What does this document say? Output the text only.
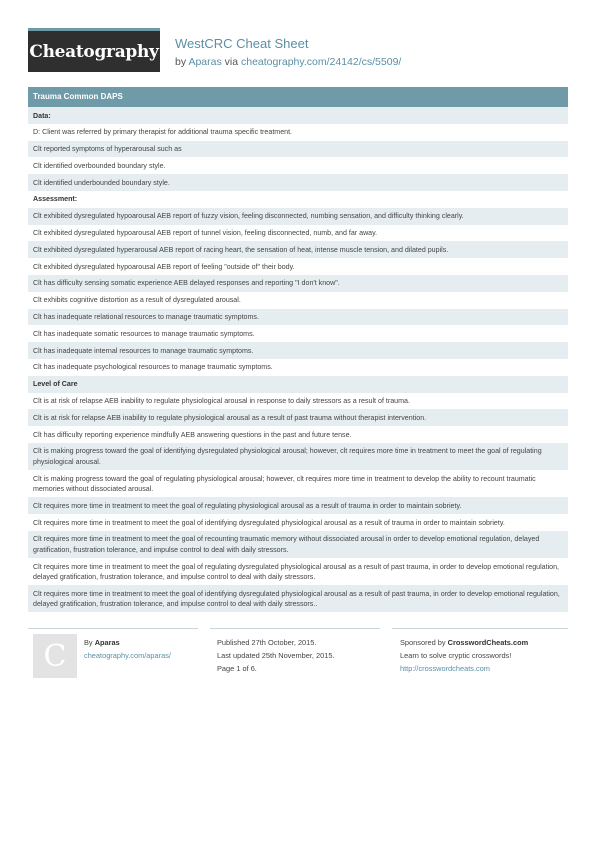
Cheatography WestCRC Cheat Sheet
by Aparas via cheatography.com/24142/cs/5509/
Trauma Common DAPS
Data:
D: Client was referred by primary therapist for additional trauma specific treatment.
Clt reported symptoms of hyperarousal such as
Clt identified overbounded boundary style.
Clt identified underbounded boundary style.
Assessment:
Clt exhibited dysregulated hypoarousal AEB report of fuzzy vision, feeling disconnected, numbing sensation, and difficulty thinking clearly.
Clt exhibited dysregulated hypoarousal AEB report of tunnel vision, feeling disconnected, numb, and far away.
Clt exhibited dysregulated hyperarousal AEB report of racing heart, the sensation of heat, intense muscle tension, and dilated pupils.
Clt exhibited dysregulated hypoarousal AEB report of feeling "outside of" their body.
Clt has difficulty sensing somatic experience AEB delayed responses and reporting "I don't know".
Clt exhibits cognitive distortion as a result of dysregulated arousal.
Clt has inadequate relational resources to manage traumatic symptoms.
Clt has inadequate somatic resources to manage traumatic symptoms.
Clt has inadequate internal resources to manage traumatic symptoms.
Clt has inadequate psychological resources to manage traumatic symptoms.
Level of Care
Clt is at risk of relapse AEB inability to regulate physiological arousal in response to daily stressors as a result of trauma.
Clt is at risk for relapse AEB inability to regulate physiological arousal as a result of past trauma without therapist intervention.
Clt has difficulty reporting experience mindfully AEB answering questions in the past and future tense.
Clt is making progress toward the goal of identifying dysregulated physiological arousal; however, clt requires more time in treatment to meet the goal of regulating physiological arousal.
Clt is making progress toward the goal of regulating physiological arousal; however, clt requires more time in treatment to develop the ability to recount traumatic memories without dissociated arousal.
Clt requires more time in treatment to meet the goal of regulating physiological arousal as a result of trauma in order to maintain sobriety.
Clt requires more time in treatment to meet the goal of identifying dysregulated physiological arousal as a result of trauma in order to maintain sobriety.
Clt requires more time in treatment to meet the goal of recounting traumatic memory without dissociated arousal in order to develop emotional regulation, delayed gratification, frustration tolerance, and impulse control to deal with daily stressors.
Clt requires more time in treatment to meet the goal of regulating dysregulated physiological arousal as a result of past trauma, in order to develop emotional regulation, delayed gratification, frustration tolerance, and impulse control to deal with daily stressors.
Clt requires more time in treatment to meet the goal of identifying dysregulated physiological arousal as a result of past trauma, in order to develop emotional regulation, delayed gratification, frustration tolerance, and impulse control to deal with daily stressors..
C By Aparas
cheatography.com/aparas/
Published 27th October, 2015.
Last updated 25th November, 2015.
Page 1 of 6.
Sponsored by CrosswordCheats.com
Learn to solve cryptic crosswords!
http://crosswordcheats.com
